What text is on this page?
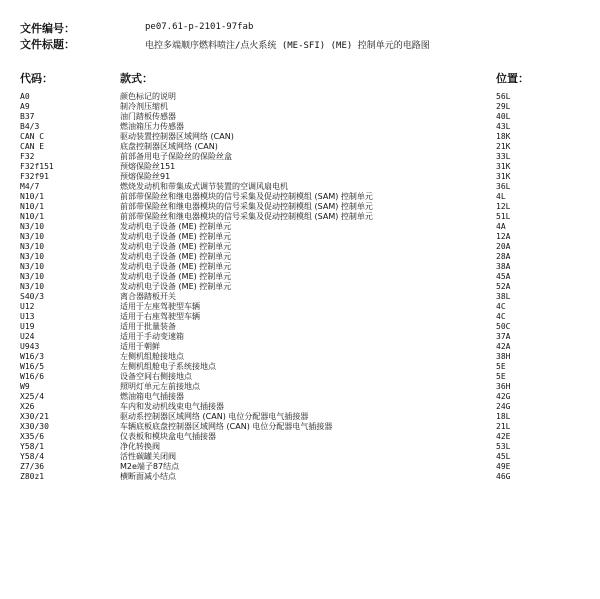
文件编号：	pe07.61-p-2101-97fab
文件标题：	电控多端顺序燃料喷注/点火系统 (ME-SFI) (ME) 控制单元的电路图
代码：	款式：	位置：
A0	颜色标记的说明	56L
A9	制冷剂压缩机	29L
B37	油门踏板传感器	40L
B4/3	燃油箱压力传感器	43L
CAN C	驱动装置控制器区域网络 (CAN)	18K
CAN E	底盘控制器区域网络 (CAN)	21K
F32	前部备用电子保险丝的保险丝盒	33L
F32f151	预熔保险丝151	31K
F32f91	预熔保险丝91	31K
M4/7	燃烧发动机和带集成式调节装置的空调风扇电机	36L
N10/1	前部带保险丝和继电器模块的信号采集及促动控制模组 (SAM) 控制单元	4L
N10/1	前部带保险丝和继电器模块的信号采集及促动控制模组 (SAM) 控制单元	12L
N10/1	前部带保险丝和继电器模块的信号采集及促动控制模组 (SAM) 控制单元	51L
N3/10	发动机电子设备 (ME) 控制单元	4A
N3/10	发动机电子设备 (ME) 控制单元	12A
N3/10	发动机电子设备 (ME) 控制单元	20A
N3/10	发动机电子设备 (ME) 控制单元	28A
N3/10	发动机电子设备 (ME) 控制单元	38A
N3/10	发动机电子设备 (ME) 控制单元	45A
N3/10	发动机电子设备 (ME) 控制单元	52A
S40/3	离合器踏板开关	38L
U12	适用于左座驾驶型车辆	4C
U13	适用于右座驾驶型车辆	4C
U19	适用于批量装备	50C
U24	适用于手动变速箱	37A
U943	适用于朝鲜	42A
W16/3	左侧机组舱接地点	38H
W16/5	左侧机组舱电子系统接地点	5E
W16/6	设备空间右侧接地点	5E
W9	照明灯单元左前接地点	36H
X25/4	燃油箱电气插接器	42G
X26	车内和发动机线束电气插接器	24G
X30/21	驱动系控制器区域网络 (CAN) 电位分配器电气插接器	18L
X30/30	车辆底板底盘控制器区域网络 (CAN) 电位分配器电气插接器	21L
X35/6	仪表板和模块盒电气插接器	42E
Y58/1	净化转换阀	53L
Y58/4	活性碳罐关闭阀	45L
Z7/36	M2e端子87结点	49E
Z80z1	横断面减小结点	46G
